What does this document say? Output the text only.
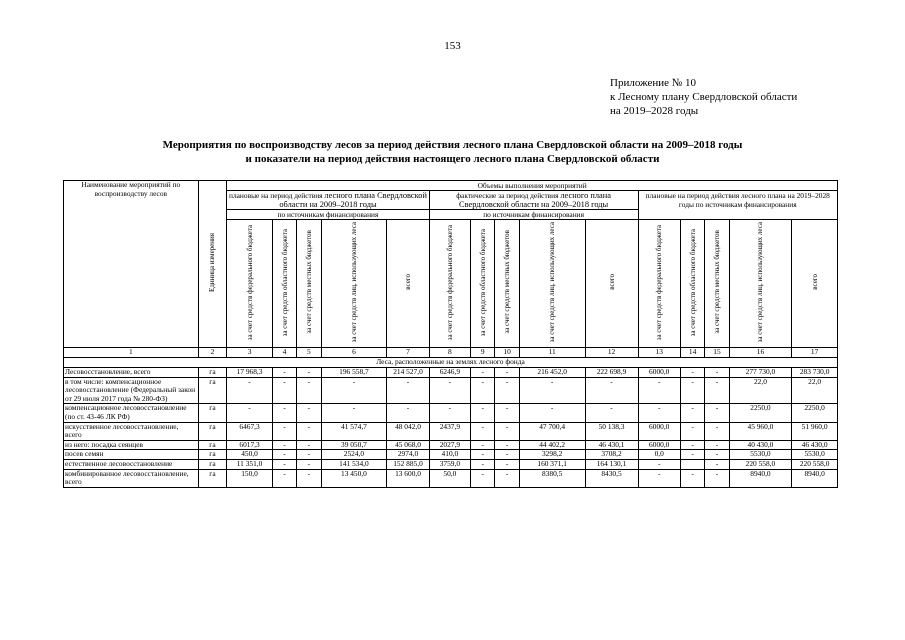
153
Приложение № 10
к Лесному плану Свердловской области
на 2019–2028 годы
Мероприятия по воспроизводству лесов за период действия лесного плана Свердловской области на 2009–2018 годы
и показатели на период действия настоящего лесного плана Свердловской области
Наименование мероприятий по воспроизводству лесов	Единица измерения	Объемы выполнения мероприятий														
		плановые на период действия лесного плана Свердловской области на 2009–2018 годы					фактические за период действия лесного плана Свердловской области на 2009–2018 годы					плановые на период действия лесного плана на 2019–2028 годы по источникам финансирования				
		по источникам финансирования					по источникам финансирования									
		за счет средств федерального бюджета	за счет средств областного бюджета	за счет средств местных бюджетов	за счет средств лиц, использующих леса	всего	за счет средств федерального бюджета	за счет средств областного бюджета	за счет средств местных бюджетов	за счет средств лиц, использующих леса	всего	за счет средств федерального бюджета	за счет средств областного бюджета	за счет средств местных бюджетов	за счет средств лиц, использующих леса	всего
1	2	3	4	5	6	7	8	9	10	11	12	13	14	15	16	17
Леса, расположенные на землях лесного фонда																
Лесовосстановление, всего	га	17 968,3	-	-	196 558,7	214 527,0	6246,9	-	-	216 452,0	222 698,9	6000,0	-	-	277 730,0	283 730,0
в том числе: компенсационное лесовосстановление (Федеральный закон от 29 июля 2017 года № 280-ФЗ)	га	-	-	-	-	-	-	-	-	-	-	-	-	-	22,0	22,0
компенсационное лесовосстановление (по ст. 43-46 ЛК РФ)	га	-	-	-	-	-	-	-	-	-	-	-	-	-	2250,0	2250,0
искусственное лесовосстановление, всего	га	6467,3	-	-	41 574,7	48 042,0	2437,9	-	-	47 700,4	50 138,3	6000,0	-	-	45 960,0	51 960,0
из него: посадка сеянцев	га	6017,3	-	-	39 050,7	45 068,0	2027,9	-	-	44 402,2	46 430,1	6000,0	-	-	40 430,0	46 430,0
посев семян	га	450,0	-	-	2524,0	2974,0	410,0	-	-	3298,2	3708,2	0,0	-	-	5530,0	5530,0
естественное лесовосстановление	га	11 351,0	-	-	141 534,0	152 885,0	3759,0	-	-	160 371,1	164 130,1	-		-	220 558,0	220 558,0
комбинированное лесовосстановление, всего	га	150,0	-	-	13 450,0	13 600,0	50,0	-	-	8380,5	8430,5	-	-	-	8940,0	8940,0
